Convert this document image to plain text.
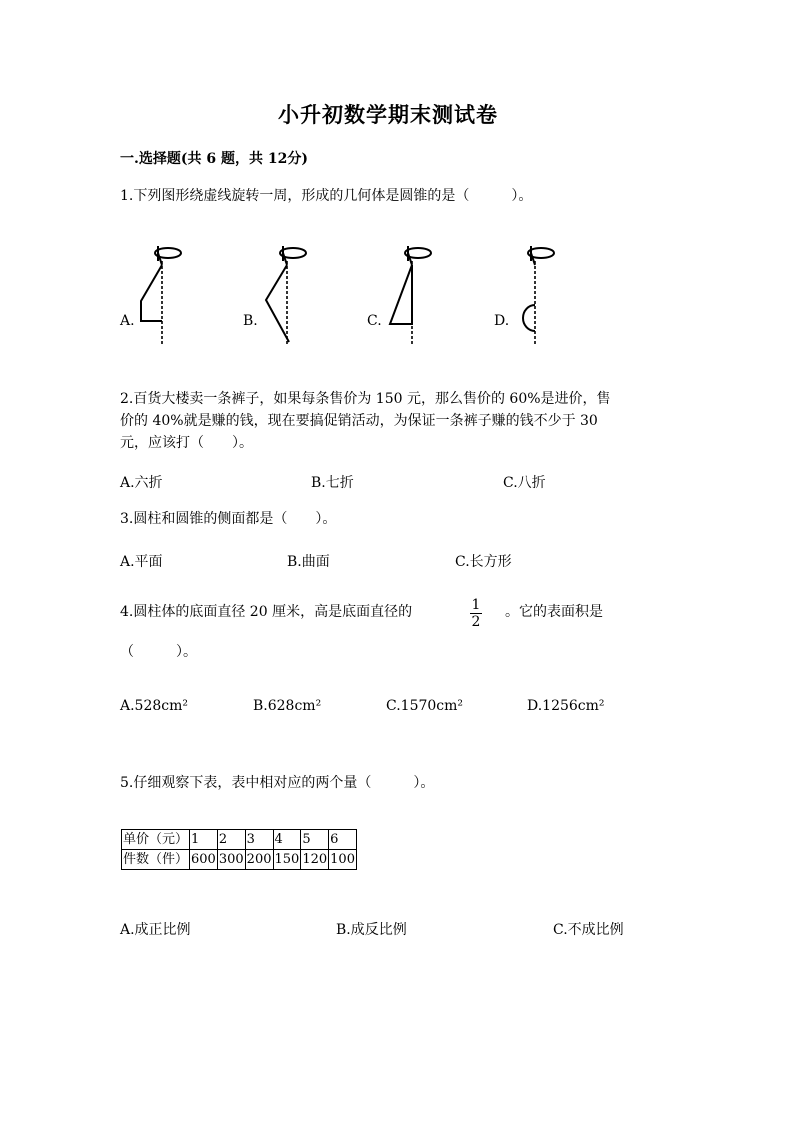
小升初数学期末测试卷
一.选择题(共 6 题，共 12分)
1.下列图形绕虚线旋转一周，形成的几何体是圆锥的是（　　　）。
A.	B.	C.	D.
2.百货大楼卖一条裤子，如果每条售价为 150 元，那么售价的 60%是进价，售
价的 40%就是赚的钱，现在要搞促销活动，为保证一条裤子赚的钱不少于 30
元，应该打（　　）。
A.六折	B.七折	C.八折
3.圆柱和圆锥的侧面都是（　　）。
A.平面	B.曲面	C.长方形
4.圆柱体的底面直径 20 厘米，高是底面直径的	1
2
。它的表面积是
（　　　）。
A.528cm²	B.628cm²	C.1570cm²	D.1256cm²
5.仔细观察下表，表中相对应的两个量（　　　）。
单价（元）	1	2	3	4	5	6
件数（件）	600	300	200	150	120	100
A.成正比例	B.成反比例	C.不成比例
